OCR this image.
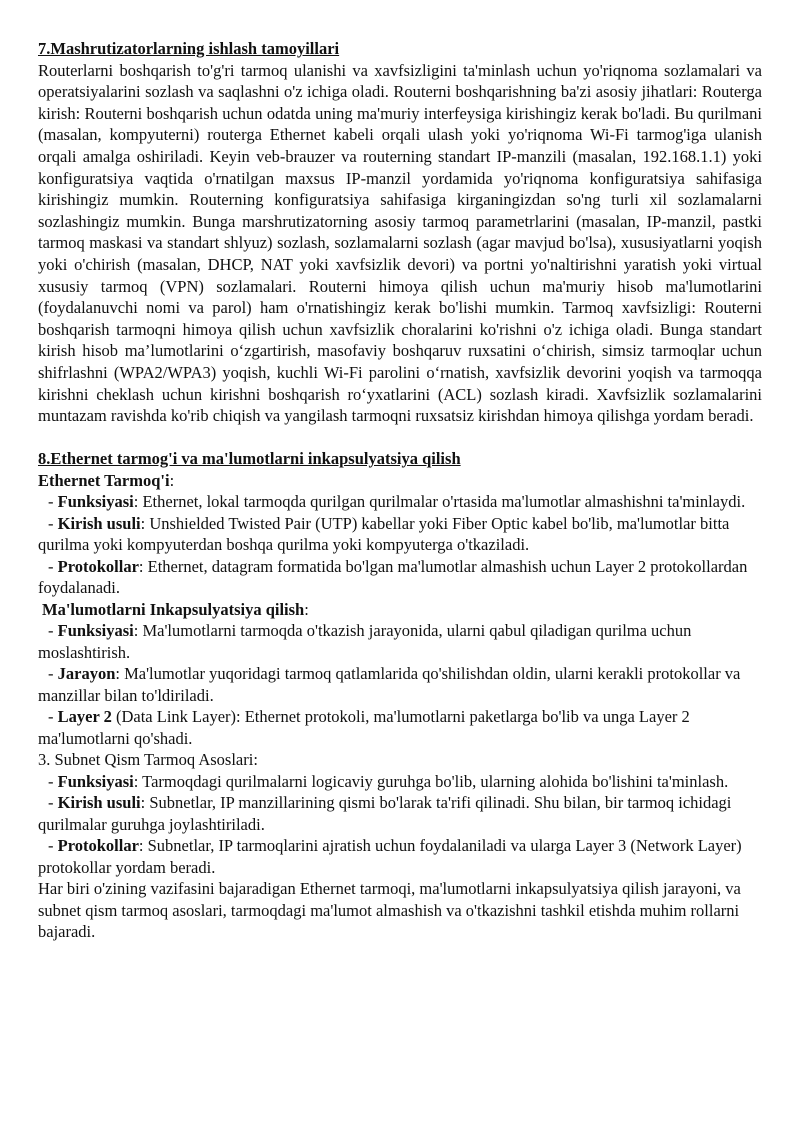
7.Mashrutizatorlarning ishlash tamoyillari

Routerlarni boshqarish to'g'ri tarmoq ulanishi va xavfsizligini ta'minlash uchun yo'riqnoma sozlamalari va operatsiyalarini sozlash va saqlashni o'z ichiga oladi. Routerni boshqarishning ba'zi asosiy jihatlari: Routerga kirish: Routerni boshqarish uchun odatda uning ma'muriy interfeysiga kirishingiz kerak bo'ladi. Bu qurilmani (masalan, kompyuterni) routerga Ethernet kabeli orqali ulash yoki yo'riqnoma Wi-Fi tarmog'iga ulanish orqali amalga oshiriladi. Keyin veb-brauzer va routerning standart IP-manzili (masalan, 192.168.1.1) yoki konfiguratsiya vaqtida o'rnatilgan maxsus IP-manzil yordamida yo'riqnoma konfiguratsiya sahifasiga kirishingiz mumkin. Routerning konfiguratsiya sahifasiga kirganingizdan so'ng turli xil sozlamalarni sozlashingiz mumkin. Bunga marshrutizatorning asosiy tarmoq parametrlarini (masalan, IP-manzil, pastki tarmoq maskasi va standart shlyuz) sozlash, sozlamalarni sozlash (agar mavjud bo'lsa), xususiyatlarni yoqish yoki o'chirish (masalan, DHCP, NAT yoki xavfsizlik devori) va portni yo'naltirishni yaratish yoki virtual xususiy tarmoq (VPN) sozlamalari. Routerni himoya qilish uchun ma'muriy hisob ma'lumotlarini (foydalanuvchi nomi va parol) ham o'rnatishingiz kerak bo'lishi mumkin. Tarmoq xavfsizligi: Routerni boshqarish tarmoqni himoya qilish uchun xavfsizlik choralarini ko'rishni o'z ichiga oladi. Bunga standart kirish hisob ma’lumotlarini o‘zgartirish, masofaviy boshqaruv ruxsatini o‘chirish, simsiz tarmoqlar uchun shifrlashni (WPA2/WPA3) yoqish, kuchli Wi-Fi parolini o‘rnatish, xavfsizlik devorini yoqish va tarmoqqa kirishni cheklash uchun kirishni boshqarish ro‘yxatlarini (ACL) sozlash kiradi. Xavfsizlik sozlamalarini muntazam ravishda ko'rib chiqish va yangilash tarmoqni ruxsatsiz kirishdan himoya qilishga yordam beradi.

8.Ethernet tarmog'i va ma'lumotlarni inkapsulyatsiya qilish

Ethernet Tarmoq'i:

- Funksiyasi: Ethernet, lokal tarmoqda qurilgan qurilmalar o'rtasida ma'lumotlar almashishni ta'minlaydi.

- Kirish usuli: Unshielded Twisted Pair (UTP) kabellar yoki Fiber Optic kabel bo'lib, ma'lumotlar bitta qurilma yoki kompyuterdan boshqa qurilma yoki kompyuterga o'tkaziladi.

- Protokollar: Ethernet, datagram formatida bo'lgan ma'lumotlar almashish uchun Layer 2 protokollardan foydalanadi.

Ma'lumotlarni Inkapsulyatsiya qilish:

- Funksiyasi: Ma'lumotlarni tarmoqda o'tkazish jarayonida, ularni qabul qiladigan qurilma uchun moslashtirish.

- Jarayon: Ma'lumotlar yuqoridagi tarmoq qatlamlarida qo'shilishdan oldin, ularni kerakli protokollar va manzillar bilan to'ldiriladi.

- Layer 2 (Data Link Layer): Ethernet protokoli, ma'lumotlarni paketlarga bo'lib va unga Layer 2 ma'lumotlarni qo'shadi.

3. Subnet Qism Tarmoq Asoslari:

- Funksiyasi: Tarmoqdagi qurilmalarni logicaviy guruhga bo'lib, ularning alohida bo'lishini ta'minlash.

- Kirish usuli: Subnetlar, IP manzillarining qismi bo'larak ta'rifi qilinadi. Shu bilan, bir tarmoq ichidagi qurilmalar guruhga joylashtiriladi.

- Protokollar: Subnetlar, IP tarmoqlarini ajratish uchun foydalaniladi va ularga Layer 3 (Network Layer) protokollar yordam beradi.

Har biri o'zining vazifasini bajaradigan Ethernet tarmoqi, ma'lumotlarni inkapsulyatsiya qilish jarayoni, va subnet qism tarmoq asoslari, tarmoqdagi ma'lumot almashish va o'tkazishni tashkil etishda muhim rollarni bajaradi.
